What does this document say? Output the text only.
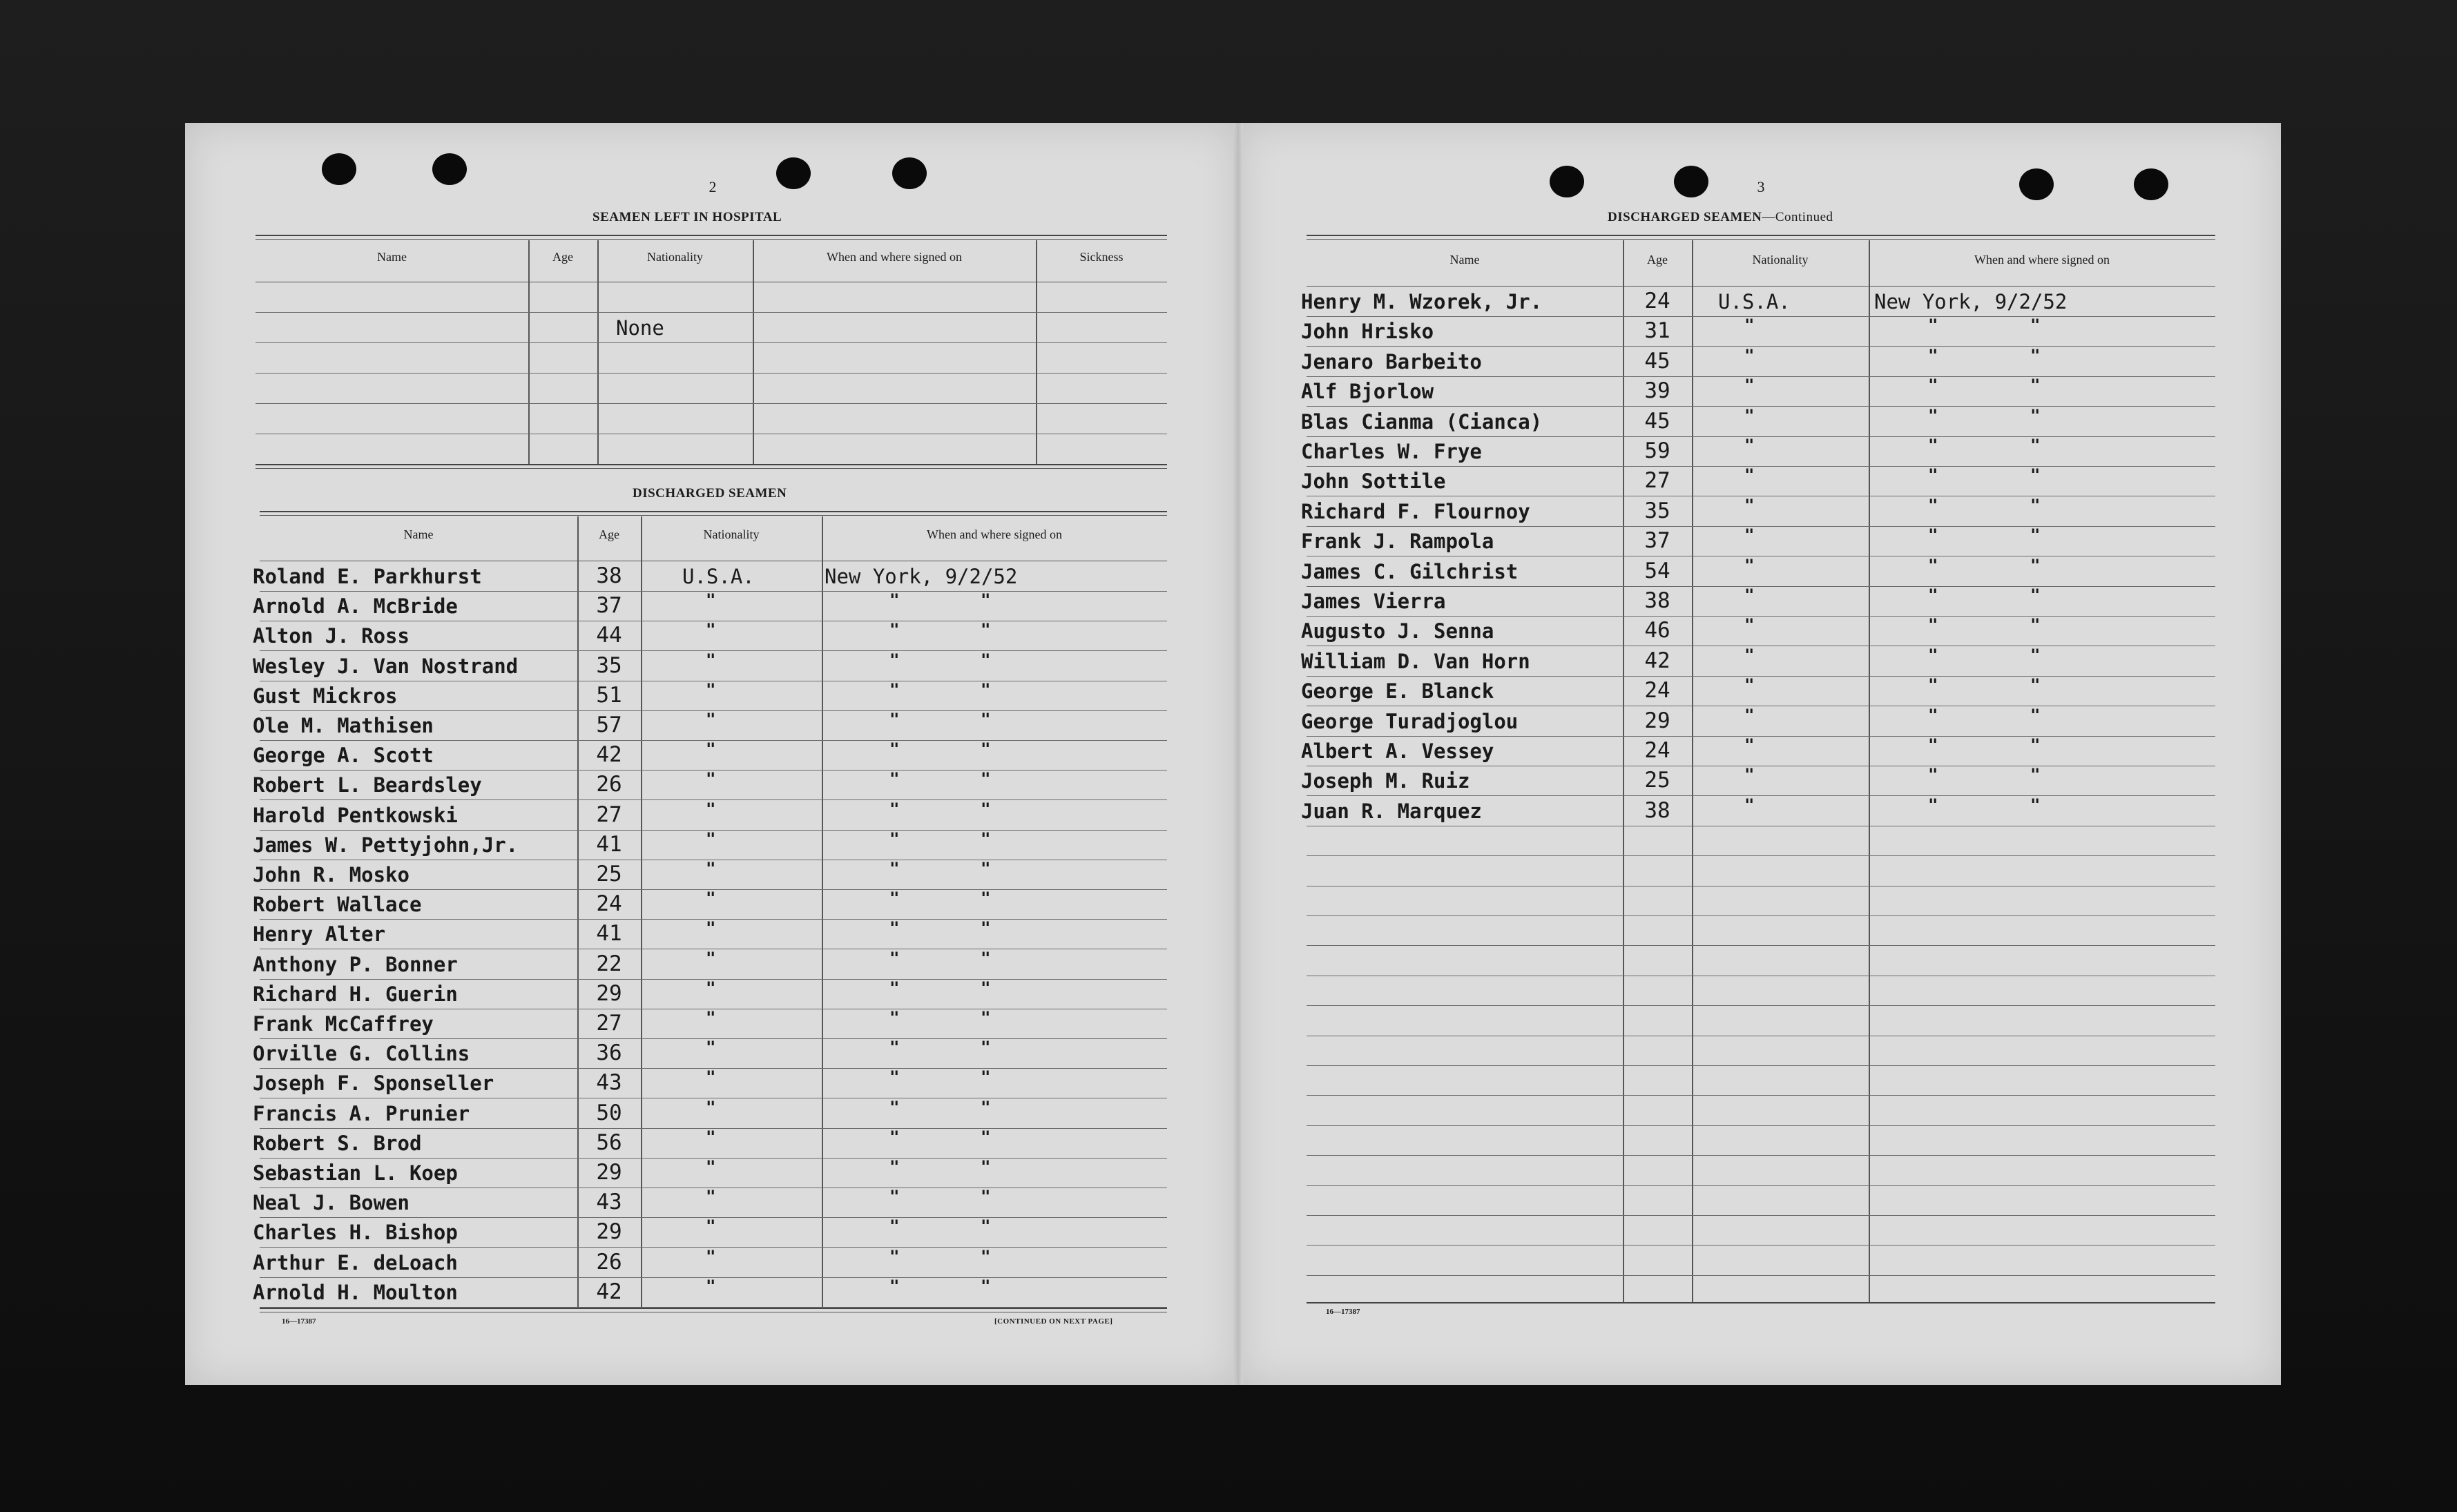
2
SEAMEN LEFT IN HOSPITAL
Name	Age	Nationality	When and where signed on	Sickness
None
DISCHARGED SEAMEN
Name	Age	Nationality	When and where signed on
Roland E. Parkhurst	38	U.S.A.	New York, 9/2/52
Arnold A. McBride	37	"	"	"
Alton J. Ross	44	"	"	"
Wesley J. Van Nostrand	35	"	"	"
Gust Mickros	51	"	"	"
Ole M. Mathisen	57	"	"	"
George A. Scott	42	"	"	"
Robert L. Beardsley	26	"	"	"
Harold Pentkowski	27	"	"	"
James W. Pettyjohn,Jr.	41	"	"	"
John R. Mosko	25	"	"	"
Robert Wallace	24	"	"	"
Henry Alter	41	"	"	"
Anthony P. Bonner	22	"	"	"
Richard H. Guerin	29	"	"	"
Frank McCaffrey	27	"	"	"
Orville G. Collins	36	"	"	"
Joseph F. Sponseller	43	"	"	"
Francis A. Prunier	50	"	"	"
Robert S. Brod	56	"	"	"
Sebastian L. Koep	29	"	"	"
Neal J. Bowen	43	"	"	"
Charles H. Bishop	29	"	"	"
Arthur E. deLoach	26	"	"	"
Arnold H. Moulton	42	"	"	"
16—17387	[CONTINUED ON NEXT PAGE]
3
DISCHARGED SEAMEN—Continued
Name	Age	Nationality	When and where signed on
Henry M. Wzorek, Jr.	24	U.S.A.	New York, 9/2/52
John Hrisko	31	"	"	"
Jenaro Barbeito	45	"	"	"
Alf Bjorlow	39	"	"	"
Blas Cianma (Cianca)	45	"	"	"
Charles W. Frye	59	"	"	"
John Sottile	27	"	"	"
Richard F. Flournoy	35	"	"	"
Frank J. Rampola	37	"	"	"
James C. Gilchrist	54	"	"	"
James Vierra	38	"	"	"
Augusto J. Senna	46	"	"	"
William D. Van Horn	42	"	"	"
George E. Blanck	24	"	"	"
George Turadjoglou	29	"	"	"
Albert A. Vessey	24	"	"	"
Joseph M. Ruiz	25	"	"	"
Juan R. Marquez	38	"	"	"
16—17387
